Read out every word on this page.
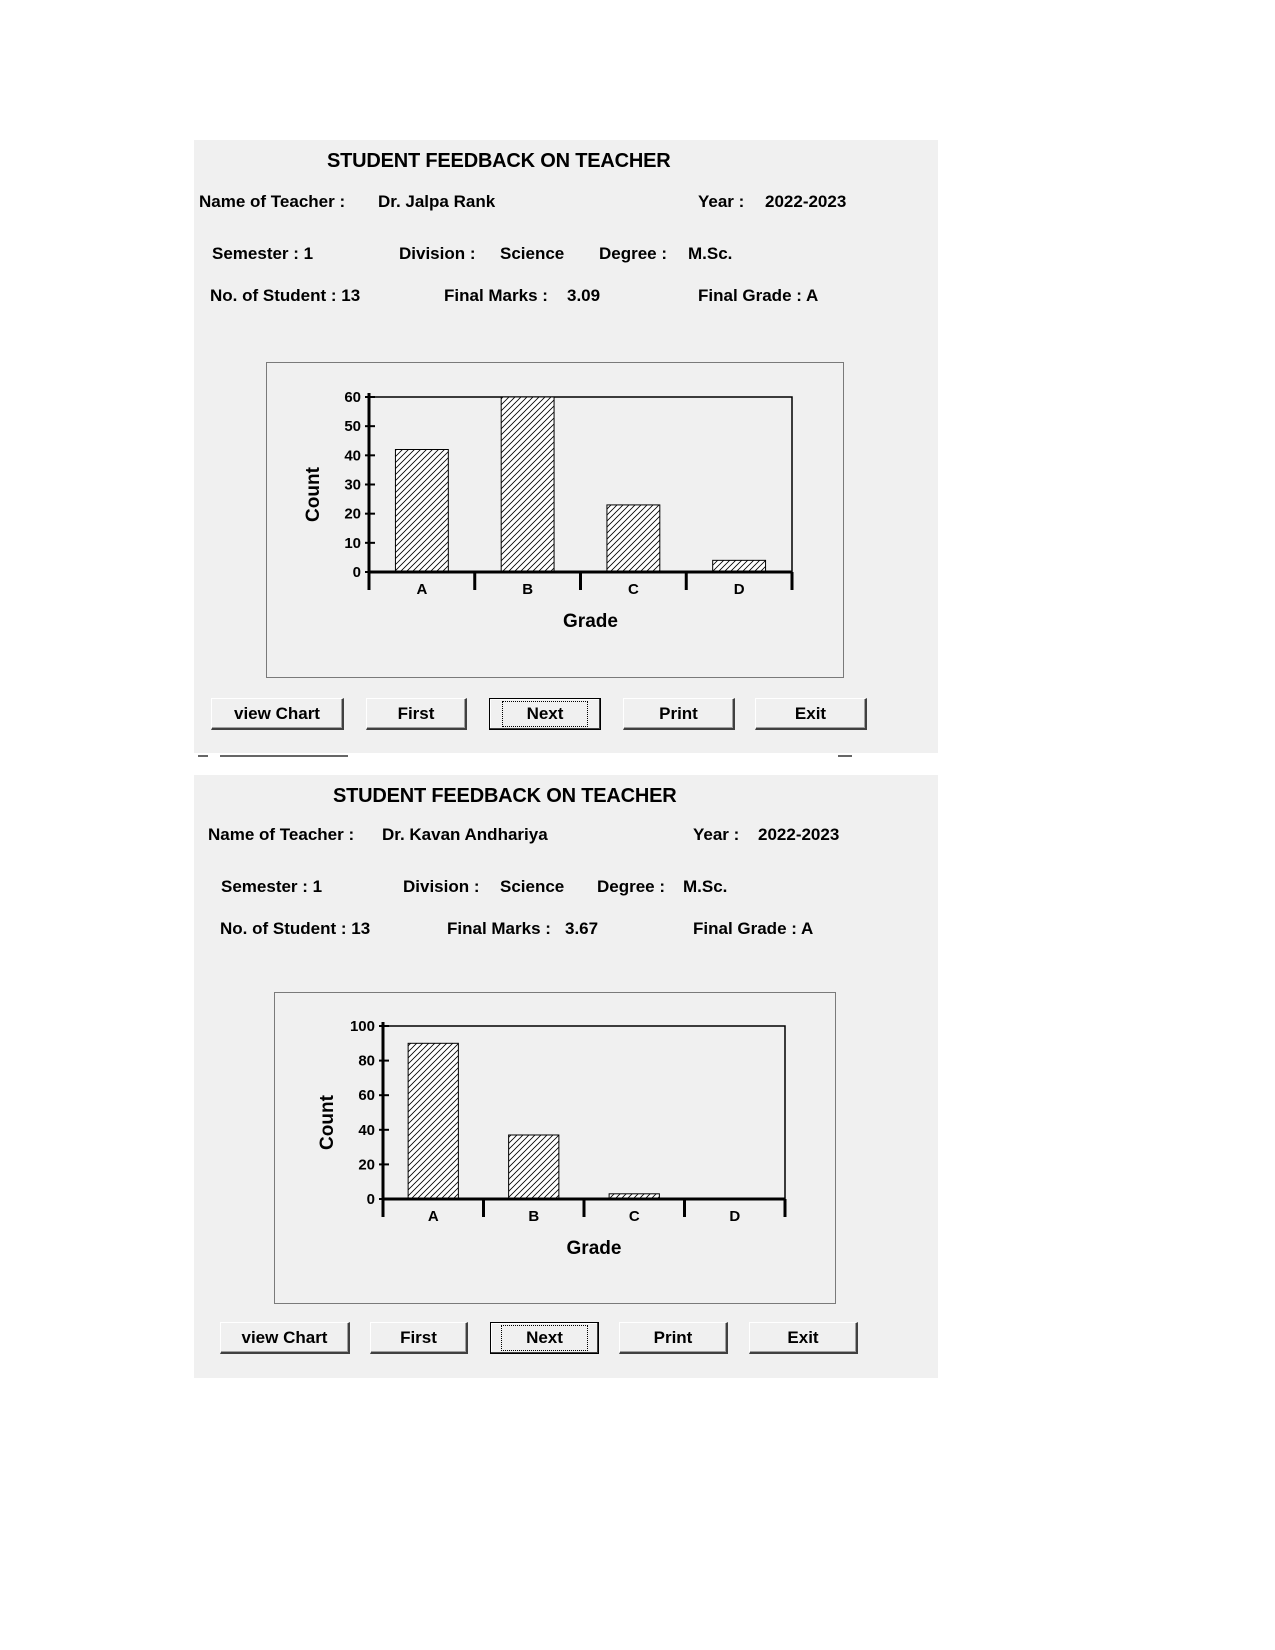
STUDENT FEEDBACK ON TEACHER
Name of Teacher : Dr. Jalpa Rank	Year : 2022-2023
Semester : 1	Division : Science Degree : M.Sc.
No. of Student : 13	Final Marks : 3.09	Final Grade : A
0
10
20
30
40
50
60
A	B	C	D
Grade
Count
view Chart	First	Next	Print	Exit
STUDENT FEEDBACK ON TEACHER
Name of Teacher : Dr. Kavan Andhariya	Year : 2022-2023
Semester : 1	Division : Science Degree : M.Sc.
No. of Student : 13	Final Marks : 3.67	Final Grade : A
0
20
40
60
80
100
A	B	C	D
Grade
Count
view Chart	First	Next	Print	Exit
